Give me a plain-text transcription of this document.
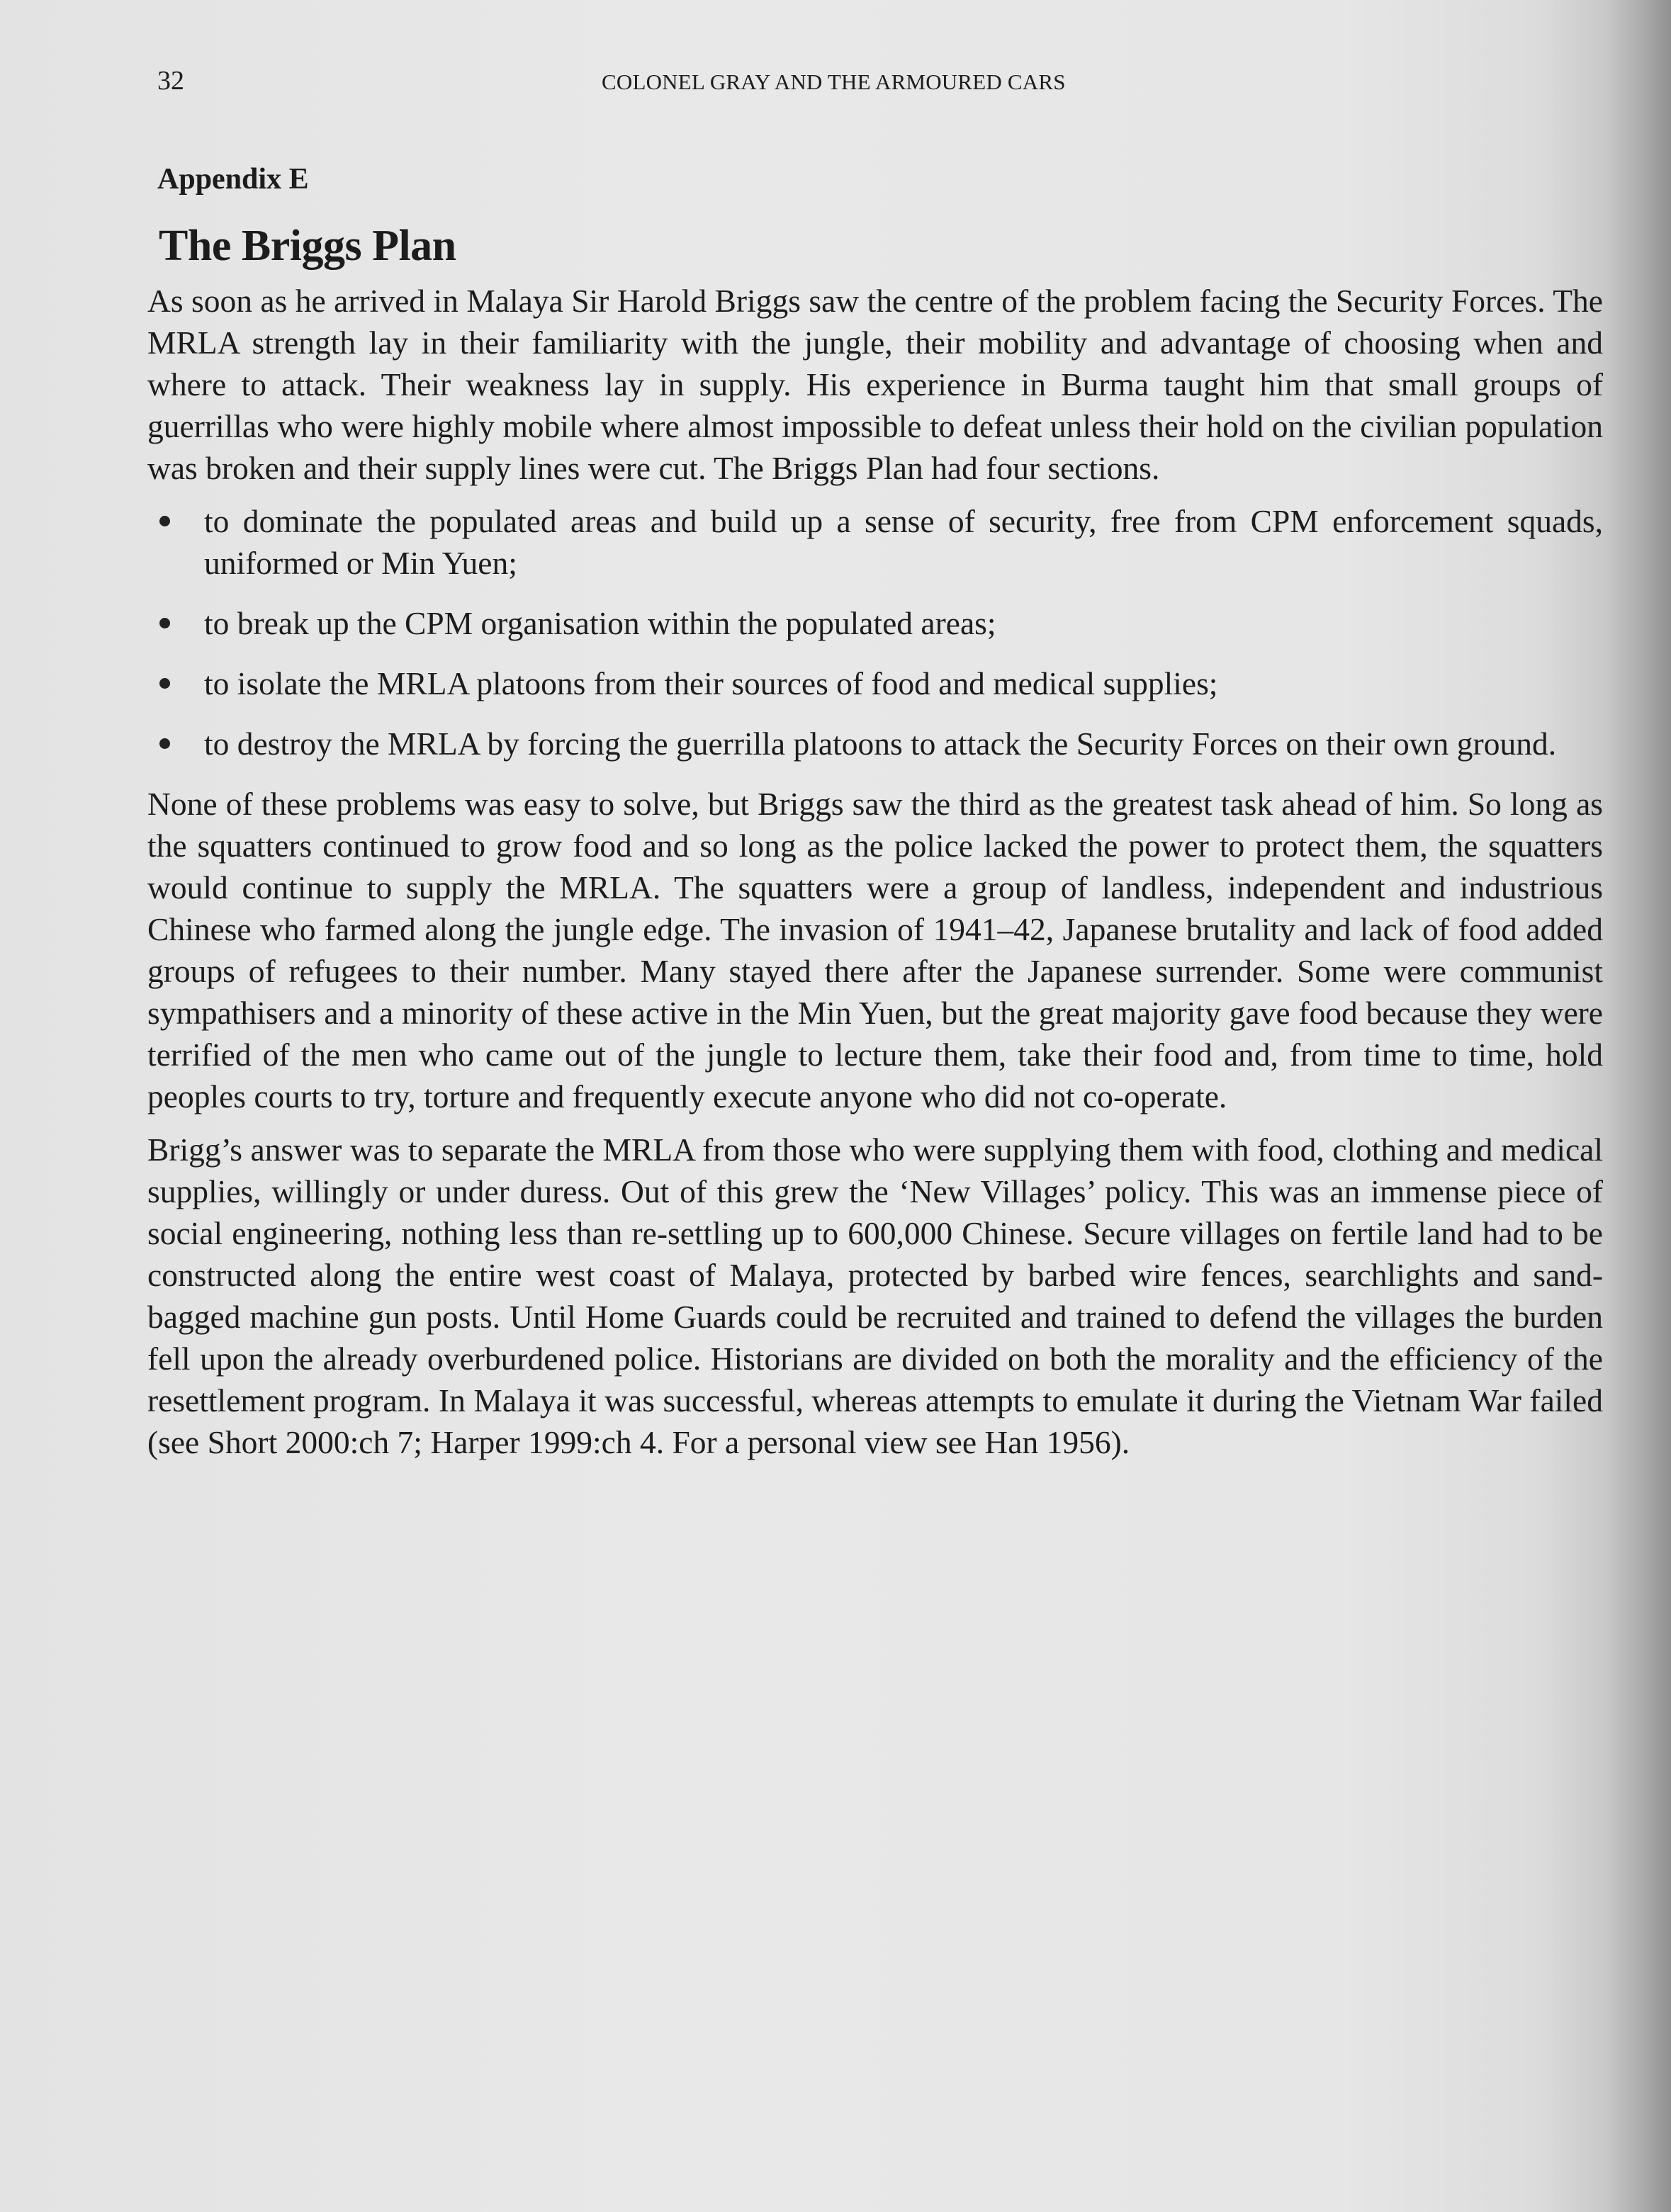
32	COLONEL GRAY AND THE ARMOURED CARS
Appendix E
The Briggs Plan

As soon as he arrived in Malaya Sir Harold Briggs saw the centre of the problem facing the Security Forces. The MRLA strength lay in their familiarity with the jungle, their mobility and advantage of choosing when and where to attack. Their weakness lay in supply. His experience in Burma taught him that small groups of guerrillas who were highly mobile where almost impossible to defeat unless their hold on the civilian population was broken and their supply lines were cut. The Briggs Plan had four sections.

to dominate the populated areas and build up a sense of security, free from CPM enforcement squads, uniformed or Min Yuen;
to break up the CPM organisation within the populated areas;
to isolate the MRLA platoons from their sources of food and medical supplies;
to destroy the MRLA by forcing the guerrilla platoons to attack the Security Forces on their own ground.

None of these problems was easy to solve, but Briggs saw the third as the greatest task ahead of him. So long as the squatters continued to grow food and so long as the police lacked the power to protect them, the squatters would continue to supply the MRLA. The squatters were a group of landless, independent and industrious Chinese who farmed along the jungle edge. The invasion of 1941–42, Japanese brutality and lack of food added groups of refugees to their number. Many stayed there after the Japanese surrender. Some were communist sympathisers and a minority of these active in the Min Yuen, but the great majority gave food because they were terrified of the men who came out of the jungle to lecture them, take their food and, from time to time, hold peoples courts to try, torture and frequently execute anyone who did not co-operate.

Brigg’s answer was to separate the MRLA from those who were supplying them with food, clothing and medical supplies, willingly or under duress. Out of this grew the ‘New Villages’ policy. This was an immense piece of social engineering, nothing less than re-settling up to 600,000 Chinese. Secure villages on fertile land had to be constructed along the entire west coast of Malaya, protected by barbed wire fences, searchlights and sand-bagged machine gun posts. Until Home Guards could be recruited and trained to defend the villages the burden fell upon the already overburdened police. Historians are divided on both the morality and the efficiency of the resettlement program. In Malaya it was successful, whereas attempts to emulate it during the Vietnam War failed (see Short 2000:ch 7; Harper 1999:ch 4. For a personal view see Han 1956).
